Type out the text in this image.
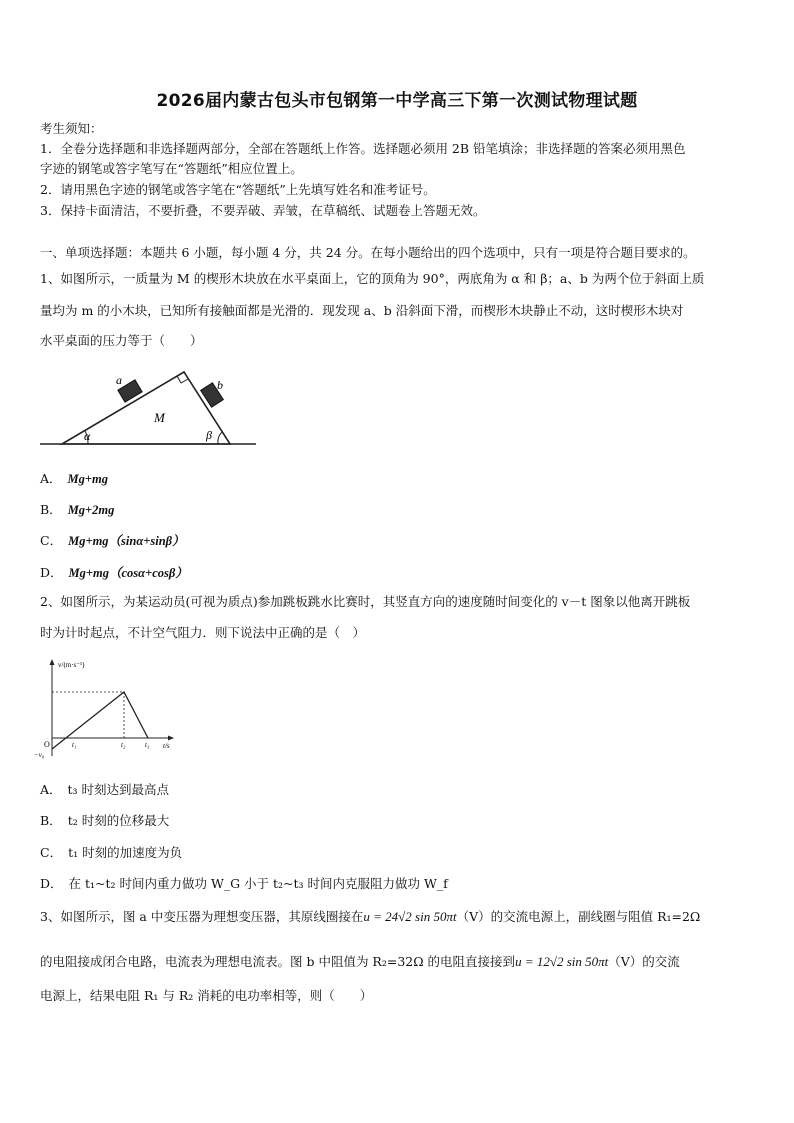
2026届内蒙古包头市包钢第一中学高三下第一次测试物理试题
考生须知：
1．全卷分选择题和非选择题两部分，全部在答题纸上作答。选择题必须用 2B 铅笔填涂；非选择题的答案必须用黑色
字迹的钢笔或答字笔写在“答题纸”相应位置上。
2．请用黑色字迹的钢笔或答字笔在“答题纸”上先填写姓名和准考证号。
3．保持卡面清洁，不要折叠，不要弄破、弄皱，在草稿纸、试题卷上答题无效。
一、单项选择题：本题共 6 小题，每小题 4 分，共 24 分。在每小题给出的四个选项中，只有一项是符合题目要求的。
1、如图所示，一质量为 M 的楔形木块放在水平桌面上，它的顶角为 90°，两底角为 α 和 β；a、b 为两个位于斜面上质
量均为 m 的小木块，已知所有接触面都是光滑的．现发现 a、b 沿斜面下滑，而楔形木块静止不动，这时楔形木块对
水平桌面的压力等于（　　）
a	b
M
α	β
A． Mg+mg
B． Mg+2mg
C． Mg+mg（sinα+sinβ）
D． Mg+mg（cosα+cosβ）
2、如图所示，为某运动员(可视为质点)参加跳板跳水比赛时，其竖直方向的速度随时间变化的 v－t 图象以他离开跳板
时为计时起点，不计空气阻力．则下说法中正确的是（　）
v/(m·s⁻¹)
t/s
O
−v₀
t₁	t₂	t₃
A． t₃ 时刻达到最高点
B． t₂ 时刻的位移最大
C． t₁ 时刻的加速度为负
D． 在 t₁~t₂ 时间内重力做功 W_G 小于 t₂~t₃ 时间内克服阻力做功 W_f
3、如图所示，图 a 中变压器为理想变压器，其原线圈接在u = 24√2 sin 50πt（V）的交流电源上，副线圈与阻值 R₁=2Ω
的电阻接成闭合电路，电流表为理想电流表。图 b 中阻值为 R₂=32Ω 的电阻直接接到u = 12√2 sin 50πt（V）的交流
电源上，结果电阻 R₁ 与 R₂ 消耗的电功率相等，则（　　）
